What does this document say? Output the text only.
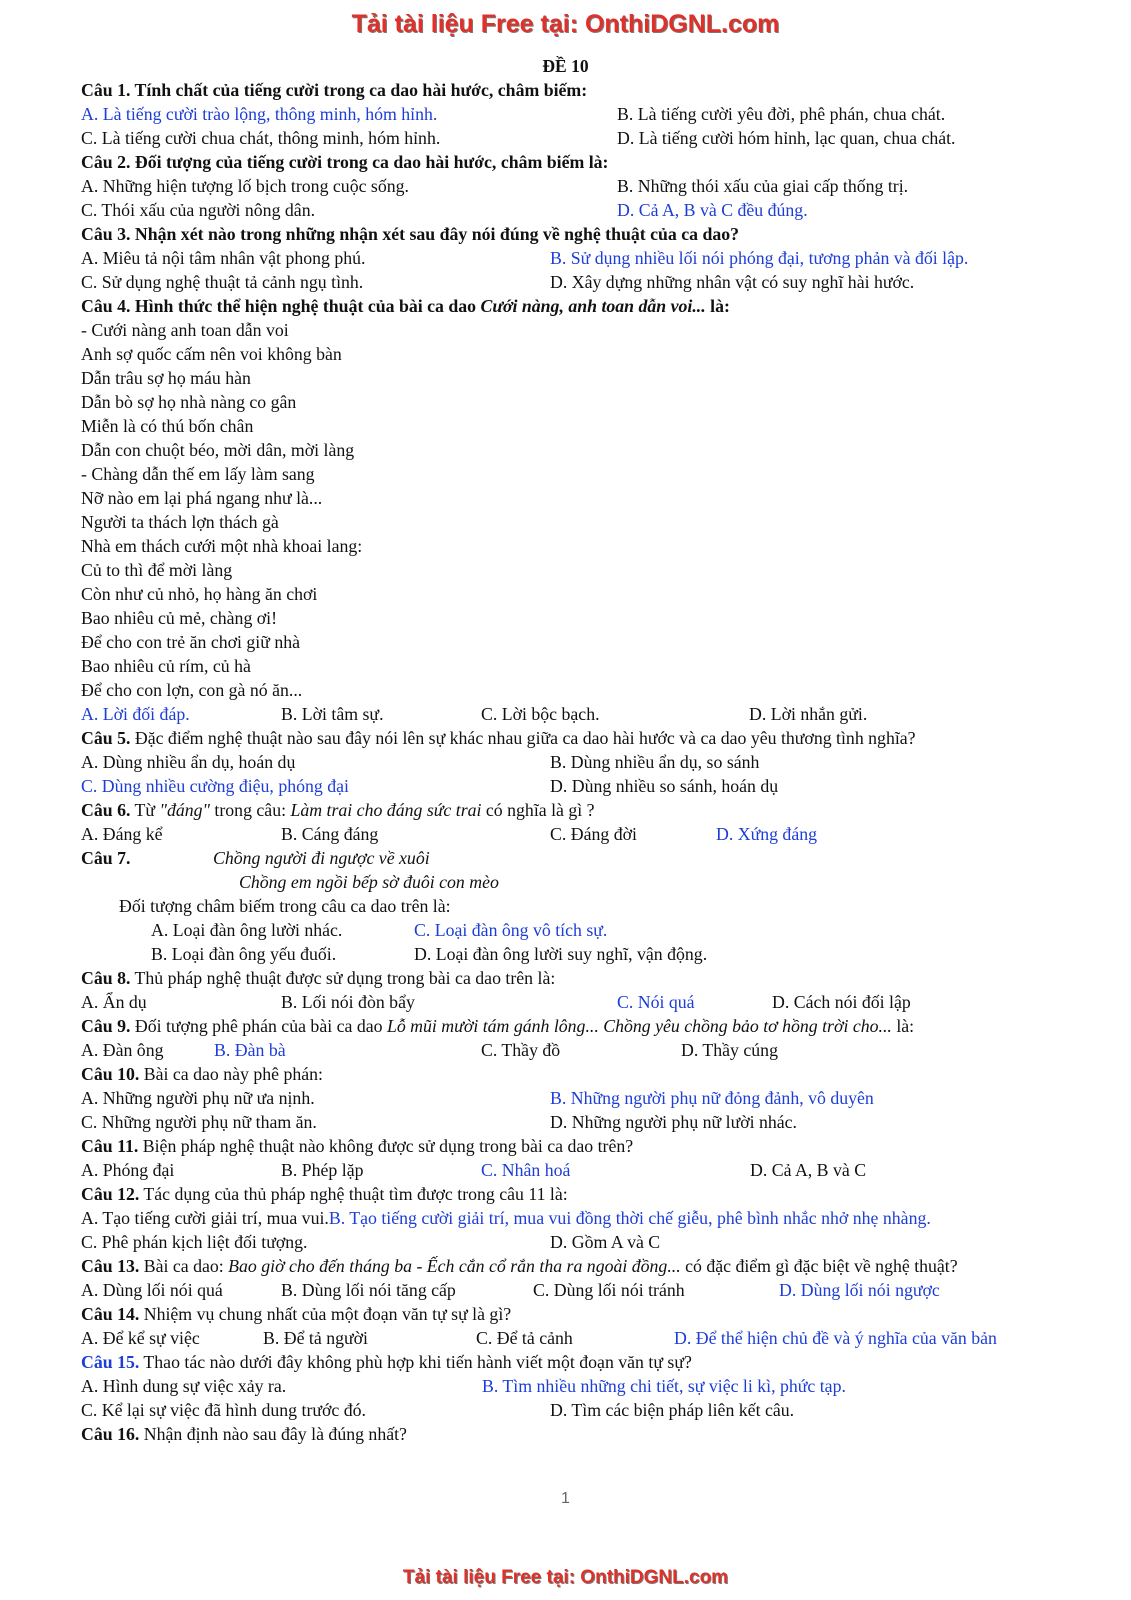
Tải tài liệu Free tại: OnthiDGNL.com
ĐỀ 10
Câu 1. Tính chất của tiếng cười trong ca dao hài hước, châm biếm:
A. Là tiếng cười trào lộng, thông minh, hóm hỉnh.	B. Là tiếng cười yêu đời, phê phán, chua chát.
C. Là tiếng cười chua chát, thông minh, hóm hỉnh.	D. Là tiếng cười hóm hỉnh, lạc quan, chua chát.
Câu 2. Đối tượng của tiếng cười trong ca dao hài hước, châm biếm là:
A. Những hiện tượng lố bịch trong cuộc sống.	B. Những thói xấu của giai cấp thống trị.
C. Thói xấu của người nông dân.	D. Cả A, B và C đều đúng.
Câu 3. Nhận xét nào trong những nhận xét sau đây nói đúng về nghệ thuật của ca dao?
A. Miêu tả nội tâm nhân vật phong phú.	B. Sử dụng nhiều lối nói phóng đại, tương phản và đối lập.
C. Sử dụng nghệ thuật tả cảnh ngụ tình.	D. Xây dựng những nhân vật có suy nghĩ hài hước.
Câu 4. Hình thức thể hiện nghệ thuật của bài ca dao Cưới nàng, anh toan dẫn voi... là:
- Cưới nàng anh toan dẫn voi
Anh sợ quốc cấm nên voi không bàn
Dẫn trâu sợ họ máu hàn
Dẫn bò sợ họ nhà nàng co gân
Miễn là có thú bốn chân
Dẫn con chuột béo, mời dân, mời làng
- Chàng dẫn thế em lấy làm sang
Nỡ nào em lại phá ngang như là...
Người ta thách lợn thách gà
Nhà em thách cưới một nhà khoai lang:
Củ to thì để mời làng
Còn như củ nhỏ, họ hàng ăn chơi
Bao nhiêu củ mẻ, chàng ơi!
Để cho con trẻ ăn chơi giữ nhà
Bao nhiêu củ rím, củ hà
Để cho con lợn, con gà nó ăn...
A. Lời đối đáp.	B. Lời tâm sự.	C. Lời bộc bạch.	D. Lời nhắn gửi.
Câu 5. Đặc điểm nghệ thuật nào sau đây nói lên sự khác nhau giữa ca dao hài hước và ca dao yêu thương tình nghĩa?
A. Dùng nhiều ẩn dụ, hoán dụ	B. Dùng nhiều ẩn dụ, so sánh
C. Dùng nhiều cường điệu, phóng đại	D. Dùng nhiều so sánh, hoán dụ
Câu 6. Từ "đáng" trong câu: Làm trai cho đáng sức trai có nghĩa là gì ?
A. Đáng kể	B. Cáng đáng	C. Đáng đời	D. Xứng đáng
Câu 7.	Chồng người đi ngược về xuôi
Chồng em ngồi bếp sờ đuôi con mèo
Đối tượng châm biếm trong câu ca dao trên là:
A. Loại đàn ông lười nhác.	C. Loại đàn ông vô tích sự.
B. Loại đàn ông yếu đuối.	D. Loại đàn ông lười suy nghĩ, vận động.
Câu 8. Thủ pháp nghệ thuật được sử dụng trong bài ca dao trên là:
A. Ẩn dụ	B. Lối nói đòn bẩy	C. Nói quá	D. Cách nói đối lập
Câu 9. Đối tượng phê phán của bài ca dao Lỗ mũi mười tám gánh lông... Chồng yêu chồng bảo tơ hồng trời cho... là:
A. Đàn ông	B. Đàn bà	C. Thầy đồ	D. Thầy cúng
Câu 10. Bài ca dao này phê phán:
A. Những người phụ nữ ưa nịnh.	B. Những người phụ nữ đỏng đảnh, vô duyên
C. Những người phụ nữ tham ăn.	D. Những người phụ nữ lười nhác.
Câu 11. Biện pháp nghệ thuật nào không được sử dụng trong bài ca dao trên?
A. Phóng đại	B. Phép lặp	C. Nhân hoá	D. Cả A, B và C
Câu 12. Tác dụng của thủ pháp nghệ thuật tìm được trong câu 11 là:
A. Tạo tiếng cười giải trí, mua vui.B. Tạo tiếng cười giải trí, mua vui đồng thời chế giễu, phê bình nhắc nhở nhẹ nhàng.
C. Phê phán kịch liệt đối tượng.	D. Gồm A và C
Câu 13. Bài ca dao: Bao giờ cho đến tháng ba - Ếch cắn cổ rắn tha ra ngoài đồng... có đặc điểm gì đặc biệt về nghệ thuật?
A. Dùng lối nói quá	B. Dùng lối nói tăng cấp	C. Dùng lối nói tránh	D. Dùng lối nói ngược
Câu 14. Nhiệm vụ chung nhất của một đoạn văn tự sự là gì?
A. Để kể sự việc	B. Để tả người	C. Để tả cảnh	D. Để thể hiện chủ đề và ý nghĩa của văn bản
Câu 15. Thao tác nào dưới đây không phù hợp khi tiến hành viết một đoạn văn tự sự?
A. Hình dung sự việc xảy ra.	B. Tìm nhiều những chi tiết, sự việc li kì, phức tạp.
C. Kể lại sự việc đã hình dung trước đó.	D. Tìm các biện pháp liên kết câu.
Câu 16. Nhận định nào sau đây là đúng nhất?
1
Tải tài liệu Free tại: OnthiDGNL.com
